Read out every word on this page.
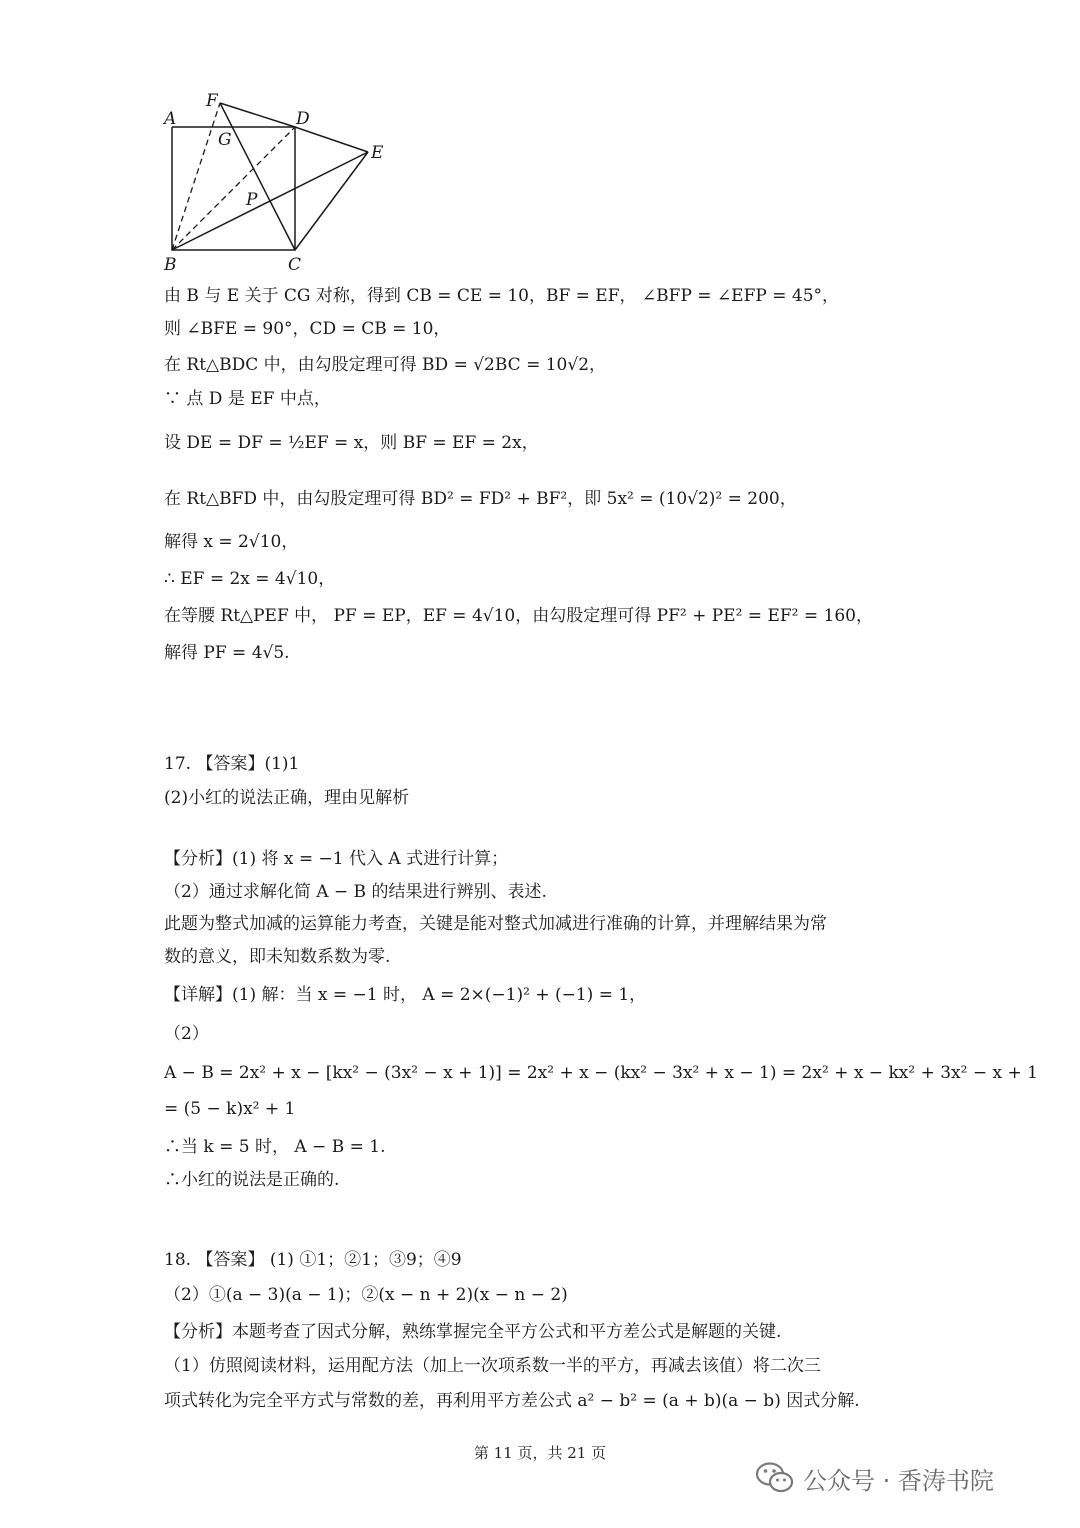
A
F
G
D
E
P
B	C
由 B 与 E 关于 CG 对称，得到 CB = CE = 10，BF = EF， ∠BFP = ∠EFP = 45°，
则 ∠BFE = 90°，CD = CB = 10，
在 Rt△BDC 中，由勾股定理可得 BD = √2BC = 10√2，
∵ 点 D 是 EF 中点，
设 DE = DF = ½EF = x，则 BF = EF = 2x，
在 Rt△BFD 中，由勾股定理可得 BD² = FD² + BF²，即 5x² = (10√2)² = 200，
解得 x = 2√10，
∴ EF = 2x = 4√10，
在等腰 Rt△PEF 中， PF = EP，EF = 4√10，由勾股定理可得 PF² + PE² = EF² = 160，
解得 PF = 4√5.
17. 【答案】(1)1
(2)小红的说法正确，理由见解析
【分析】(1) 将 x = −1 代入 A 式进行计算；
（2）通过求解化简 A − B 的结果进行辨别、表述.
此题为整式加减的运算能力考查，关键是能对整式加减进行准确的计算，并理解结果为常
数的意义，即未知数系数为零.
【详解】(1) 解：当 x = −1 时， A = 2×(−1)² + (−1) = 1，
（2）
A − B = 2x² + x − [kx² − (3x² − x + 1)] = 2x² + x − (kx² − 3x² + x − 1) = 2x² + x − kx² + 3x² − x + 1
= (5 − k)x² + 1
∴当 k = 5 时， A − B = 1.
∴小红的说法是正确的.
18. 【答案】 (1) ①1；②1；③9；④9
（2）①(a − 3)(a − 1)；②(x − n + 2)(x − n − 2)
【分析】本题考查了因式分解，熟练掌握完全平方公式和平方差公式是解题的关键.
（1）仿照阅读材料，运用配方法（加上一次项系数一半的平方，再减去该值）将二次三
项式转化为完全平方式与常数的差，再利用平方差公式 a² − b² = (a + b)(a − b) 因式分解.
第 11 页，共 21 页
公众号 · 香涛书院
